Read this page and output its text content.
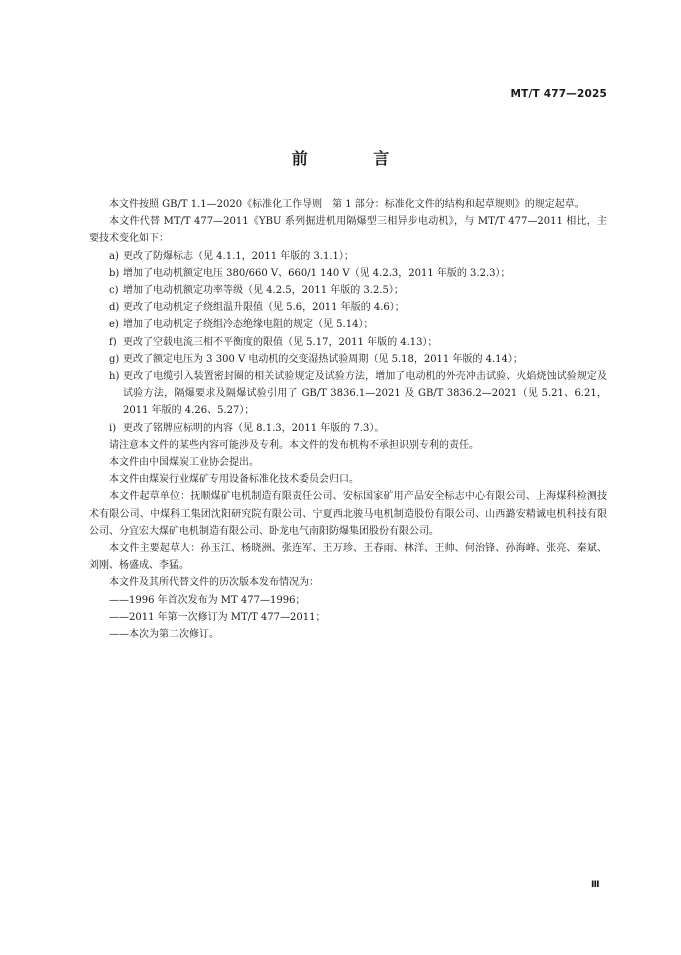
MT/T 477—2025
前 言

本文件按照 GB/T 1.1—2020《标准化工作导则　第 1 部分：标准化文件的结构和起草规则》的规定起草。

本文件代替 MT/T 477—2011《YBU 系列掘进机用隔爆型三相异步电动机》，与 MT/T 477—2011 相比，主要技术变化如下：

a) 更改了防爆标志（见 4.1.1，2011 年版的 3.1.1）；
b) 增加了电动机额定电压 380/660 V、660/1 140 V（见 4.2.3，2011 年版的 3.2.3）；
c) 增加了电动机额定功率等级（见 4.2.5，2011 年版的 3.2.5）；
d) 更改了电动机定子绕组温升限值（见 5.6，2011 年版的 4.6）；
e) 增加了电动机定子绕组冷态绝缘电阻的规定（见 5.14）；
f) 更改了空载电流三相不平衡度的限值（见 5.17，2011 年版的 4.13）；
g) 更改了额定电压为 3 300 V 电动机的交变湿热试验周期（见 5.18，2011 年版的 4.14）；
h) 更改了电缆引入装置密封圈的相关试验规定及试验方法，增加了电动机的外壳冲击试验、火焰烧蚀试验规定及试验方法，隔爆要求及隔爆试验引用了 GB/T 3836.1—2021 及 GB/T 3836.2—2021（见 5.21、6.21，2011 年版的 4.26、5.27）；
i) 更改了铭牌应标明的内容（见 8.1.3，2011 年版的 7.3）。

请注意本文件的某些内容可能涉及专利。本文件的发布机构不承担识别专利的责任。

本文件由中国煤炭工业协会提出。

本文件由煤炭行业煤矿专用设备标准化技术委员会归口。

本文件起草单位：抚顺煤矿电机制造有限责任公司、安标国家矿用产品安全标志中心有限公司、上海煤科检测技术有限公司、中煤科工集团沈阳研究院有限公司、宁夏西北骏马电机制造股份有限公司、山西潞安精诚电机科技有限公司、分宜宏大煤矿电机制造有限公司、卧龙电气南阳防爆集团股份有限公司。

本文件主要起草人：孙玉江、杨晓洲、张连军、王万珍、王春雨、林洋、王帅、何治锋、孙海峰、张亮、秦斌、刘刚、杨盛成、李猛。

本文件及其所代替文件的历次版本发布情况为：

——1996 年首次发布为 MT 477—1996；
——2011 年第一次修订为 MT/T 477—2011；
——本次为第二次修订。
Ⅲ
